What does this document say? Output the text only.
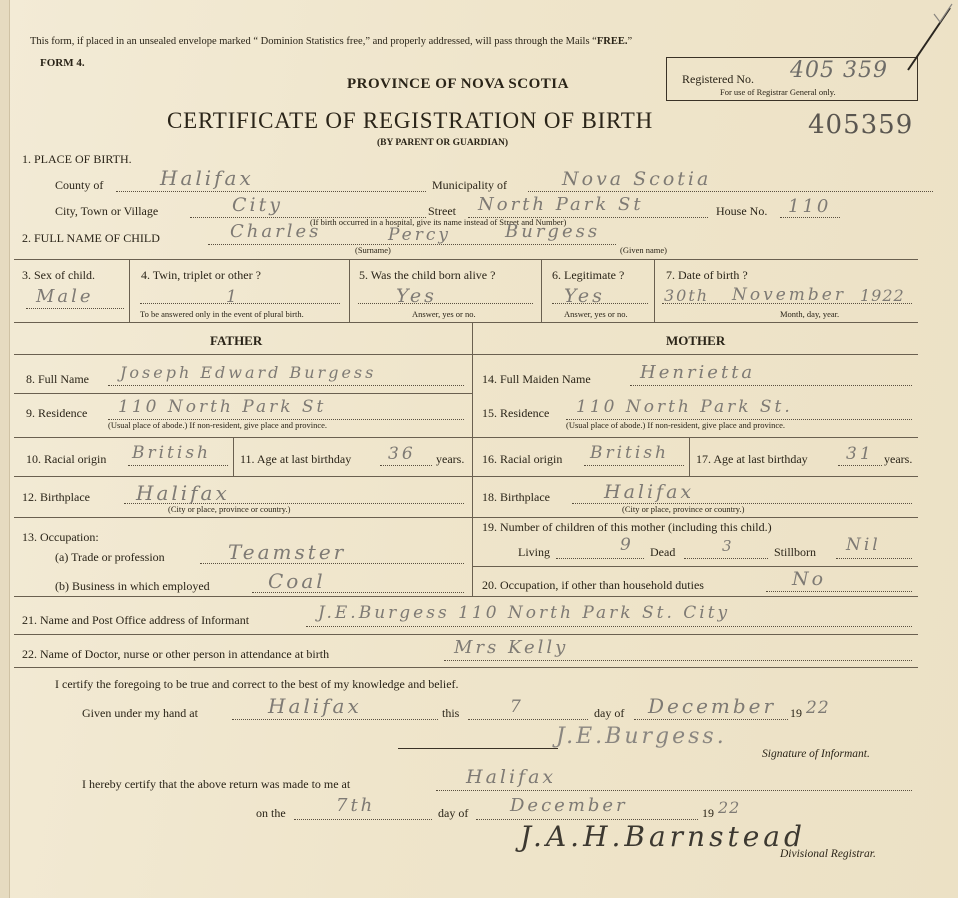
This form, if placed in an unsealed envelope marked “ Dominion Statistics free,” and properly addressed, will pass through the Mails “FREE.”
FORM 4.
PROVINCE OF NOVA SCOTIA
CERTIFICATE OF REGISTRATION OF BIRTH
(BY PARENT OR GUARDIAN)
Registered No.
For use of Registrar General only.
405 359
405359
1. PLACE OF BIRTH.
County of	Halifax	Municipality of	Nova Scotia
City, Town or Village	City	Street North Park St
(If birth occurred in a hospital, give its name instead of Street and Number)
House No. 110
2. FULL NAME OF CHILD	Charles	Percy	Burgess
(Surname)	(Given name)
3. Sex of child.
Male
4. Twin, triplet or other ?
1
To be answered only in the event of plural birth.
5. Was the child born alive ?
Yes
Answer, yes or no.
6. Legitimate ?
Yes
Answer, yes or no.
7. Date of birth ?
30th November 1922
Month, day, year.
FATHER	MOTHER
8. Full Name Joseph Edward Burgess
9. Residence 110 North Park St
(Usual place of abode.) If non-resident, give place and province.
10. Racial origin British 11. Age at last birthday 36 years.
12. Birthplace Halifax
(City or place, province or country.)
13. Occupation:
(a) Trade or profession	Teamster
(b) Business in which employed	Coal
14. Full Maiden Name	Henrietta
15. Residence 110 North Park St.
(Usual place of abode.) If non-resident, give place and province.
16. Racial origin British 17. Age at last birthday 31 years.
18. Birthplace	Halifax
(City or place, province or country.)
19. Number of children of this mother (including this child.)
Living	9 Dead	3	Stillborn Nil
20. Occupation, if other than household duties	No
21. Name and Post Office address of Informant	J.E.Burgess 110 North Park St. City
22. Name of Doctor, nurse or other person in attendance at birth	Mrs Kelly
I certify the foregoing to be true and correct to the best of my knowledge and belief.
Given under my hand at	Halifax	this	7	day of December 19 22
J.E.Burgess.
Signature of Informant.
I hereby certify that the above return was made to me at	Halifax
on the	7th	day of December	19 22
J.A.H.Barnstead
Divisional Registrar.
